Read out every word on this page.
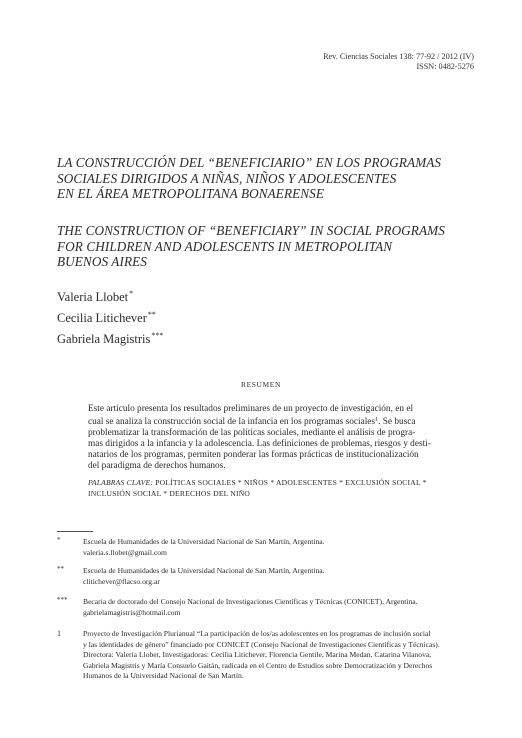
Rev. Ciencias Sociales 138: 77-92 / 2012 (IV)
ISSN: 0482-5276
LA CONSTRUCCIÓN DEL “BENEFICIARIO” EN LOS PROGRAMAS
SOCIALES DIRIGIDOS A NIÑAS, NIÑOS Y ADOLESCENTES
EN EL ÁREA METROPOLITANA BONAERENSE
THE CONSTRUCTION OF “BENEFICIARY” IN SOCIAL PROGRAMS
FOR CHILDREN AND ADOLESCENTS IN METROPOLITAN
BUENOS AIRES
Valeria Llobet*
Cecilia Litichever**
Gabriela Magistris***
RESUMEN
Este artículo presenta los resultados preliminares de un proyecto de investigación, en el
cual se analiza la construcción social de la infancia en los programas sociales$^1$. Se busca
problematizar la transformación de las políticas sociales, mediante el análisis de progra-
mas dirigidos a la infancia y la adolescencia. Las definiciones de problemas, riesgos y desti-
natarios de los programas, permiten ponderar las formas prácticas de institucionalización
del paradigma de derechos humanos.
PALABRAS CLAVE: POLÍTICAS SOCIALES * NIÑOS * ADOLESCENTES * EXCLUSIÓN SOCIAL *
INCLUSIÓN SOCIAL * DERECHOS DEL NIÑO
*	Escuela de Humanidades de la Universidad Nacional de San Martín, Argentina.
valeria.s.llobet@gmail.com
**	Escuela de Humanidades de la Universidad Nacional de San Martín, Argentina.
clitichever@flacso.org.ar
*** Becaria de doctorado del Consejo Nacional de Investigaciones Científicas y Técnicas (CONICET), Argentina.
gabrielamagistris@hotmail.com
1	Proyecto de Investigación Plurianual “La participación de los/as adolescentes en los programas de inclusión social
y las identidades de género” financiado por CONICET (Consejo Nacional de Investigaciones Científicas y Técnicas).
Directora: Valeria Llobet, Investigadoras: Cecilia Litichever, Florencia Gentile, Marina Medan, Catarina Vilanova,
Gabriela Magistris y María Consuelo Gaitán, radicada en el Centro de Estudios sobre Democratización y Derechos
Humanos de la Universidad Nacional de San Martín.
